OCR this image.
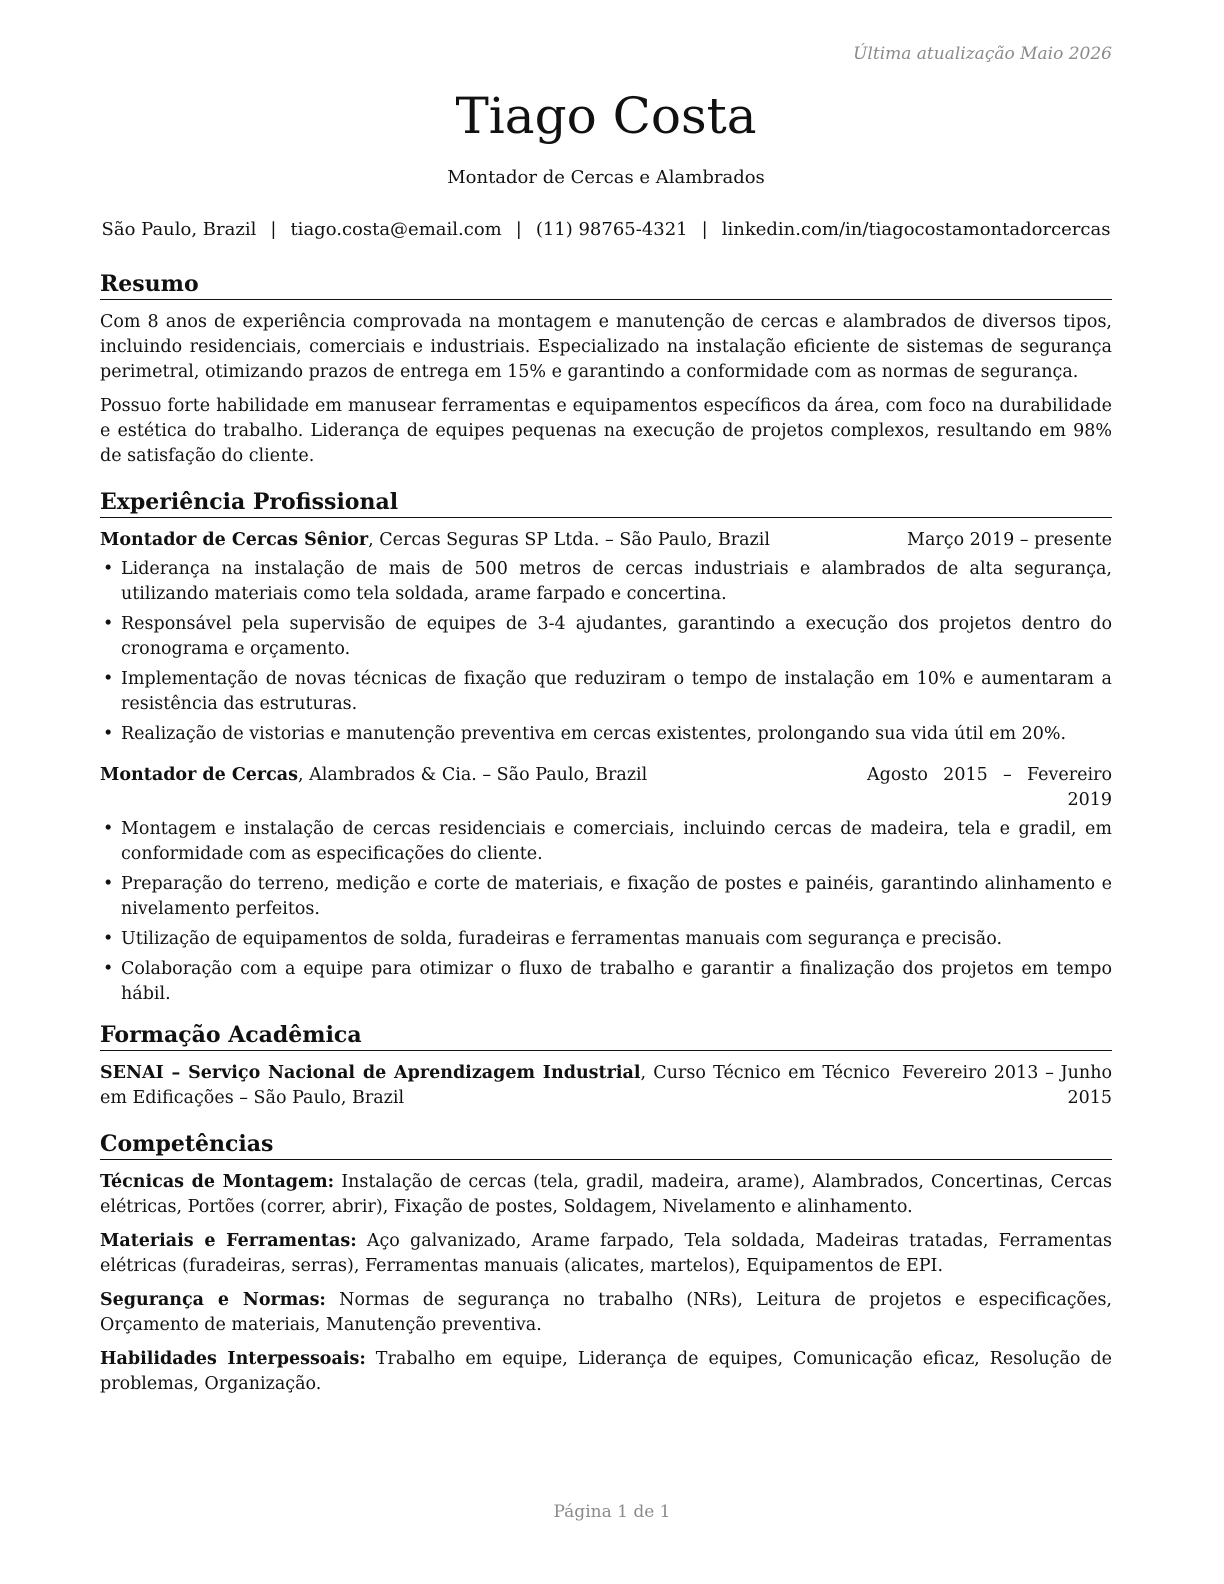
Última atualização Maio 2026
Tiago Costa
Montador de Cercas e Alambrados
São Paulo, Brazil | tiago.costa@email.com | (11) 98765-4321 | linkedin.com/in/tiagocostamontadorcercas
Resumo

Com 8 anos de experiência comprovada na montagem e manutenção de cercas e alambrados de diversos tipos, incluindo residenciais, comerciais e industriais. Especializado na instalação eficiente de sistemas de segurança perimetral, otimizando prazos de entrega em 15% e garantindo a conformidade com as normas de segurança.

Possuo forte habilidade em manusear ferramentas e equipamentos específicos da área, com foco na durabilidade e estética do trabalho. Liderança de equipes pequenas na execução de projetos complexos, resultando em 98% de satisfação do cliente.

Experiência Profissional
Montador de Cercas Sênior, Cercas Seguras SP Ltda. – São Paulo, Brazil	Março 2019 – presente
• Liderança na instalação de mais de 500 metros de cercas industriais e alambrados de alta segurança, utilizando materiais como tela soldada, arame farpado e concertina.
• Responsável pela supervisão de equipes de 3-4 ajudantes, garantindo a execução dos projetos dentro do cronograma e orçamento.
• Implementação de novas técnicas de fixação que reduziram o tempo de instalação em 10% e aumentaram a resistência das estruturas.
• Realização de vistorias e manutenção preventiva em cercas existentes, prolongando sua vida útil em 20%.
Montador de Cercas, Alambrados & Cia. – São Paulo, Brazil	Agosto 2015 – Fevereiro 2019
• Montagem e instalação de cercas residenciais e comerciais, incluindo cercas de madeira, tela e gradil, em conformidade com as especificações do cliente.
• Preparação do terreno, medição e corte de materiais, e fixação de postes e painéis, garantindo alinhamento e nivelamento perfeitos.
• Utilização de equipamentos de solda, furadeiras e ferramentas manuais com segurança e precisão.
• Colaboração com a equipe para otimizar o fluxo de trabalho e garantir a finalização dos projetos em tempo hábil.
Formação Acadêmica
SENAI – Serviço Nacional de Aprendizagem Industrial, Curso Técnico em Técnico em Edificações – São Paulo, Brazil
Fevereiro 2013 – Junho 2015
Competências

Técnicas de Montagem: Instalação de cercas (tela, gradil, madeira, arame), Alambrados, Concertinas, Cercas elétricas, Portões (correr, abrir), Fixação de postes, Soldagem, Nivelamento e alinhamento.

Materiais e Ferramentas: Aço galvanizado, Arame farpado, Tela soldada, Madeiras tratadas, Ferramentas elétricas (furadeiras, serras), Ferramentas manuais (alicates, martelos), Equipamentos de EPI.

Segurança e Normas: Normas de segurança no trabalho (NRs), Leitura de projetos e especificações, Orçamento de materiais, Manutenção preventiva.

Habilidades Interpessoais: Trabalho em equipe, Liderança de equipes, Comunicação eficaz, Resolução de problemas, Organização.

Página 1 de 1
